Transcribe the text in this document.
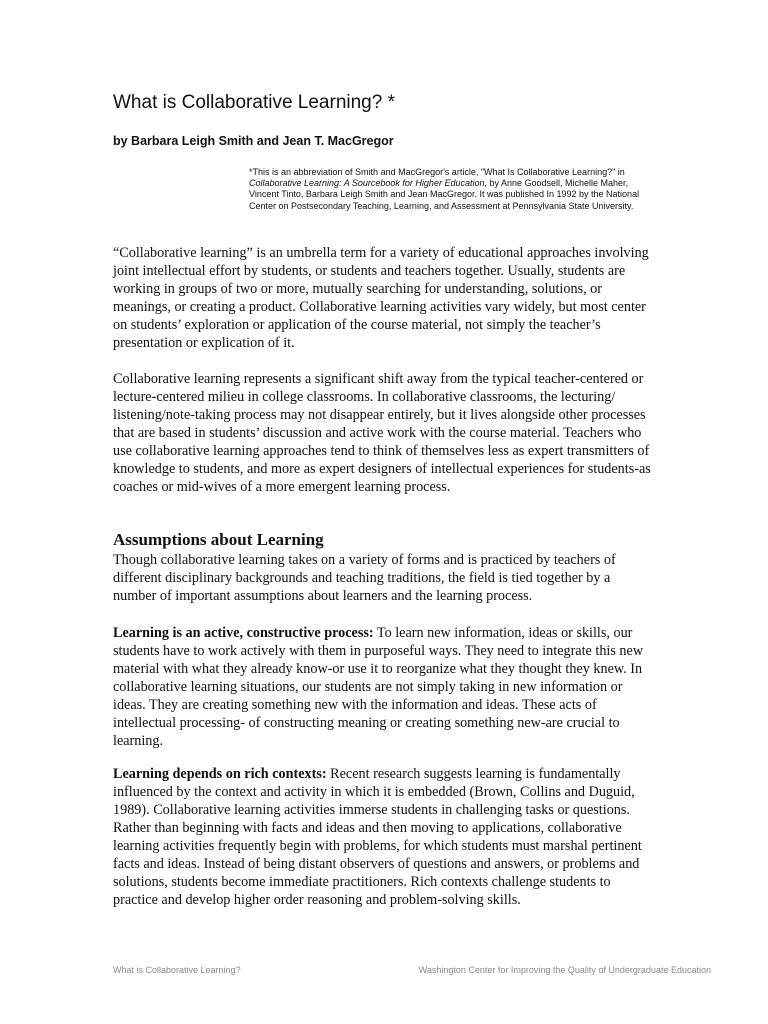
What is Collaborative Learning? *

by Barbara Leigh Smith and Jean T. MacGregor

*This is an abbreviation of Smith and MacGregor's article, "What Is Collaborative Learning?" in Collaborative Learning: A Sourcebook for Higher Education, by Anne Goodsell, Michelle Maher, Vincent Tinto, Barbara Leigh Smith and Jean MacGregor. It was published In 1992 by the National Center on Postsecondary Teaching, Learning, and Assessment at Pennsylvania State University.

“Collaborative learning” is an umbrella term for a variety of educational approaches involving joint intellectual effort by students, or students and teachers together. Usually, students are working in groups of two or more, mutually searching for understanding, solutions, or meanings, or creating a product. Collaborative learning activities vary widely, but most center on students’ exploration or application of the course material, not simply the teacher’s presentation or explication of it.

Collaborative learning represents a significant shift away from the typical teacher-centered or lecture-centered milieu in college classrooms. In collaborative classrooms, the lecturing/ listening/note-taking process may not disappear entirely, but it lives alongside other processes that are based in students’ discussion and active work with the course material. Teachers who use collaborative learning approaches tend to think of themselves less as expert transmitters of knowledge to students, and more as expert designers of intellectual experiences for students-as coaches or mid-wives of a more emergent learning process.

Assumptions about Learning

Though collaborative learning takes on a variety of forms and is practiced by teachers of different disciplinary backgrounds and teaching traditions, the field is tied together by a number of important assumptions about learners and the learning process.

Learning is an active, constructive process: To learn new information, ideas or skills, our students have to work actively with them in purposeful ways. They need to integrate this new material with what they already know-or use it to reorganize what they thought they knew. In collaborative learning situations, our students are not simply taking in new information or ideas. They are creating something new with the information and ideas. These acts of intellectual processing- of constructing meaning or creating something new-are crucial to learning.

Learning depends on rich contexts: Recent research suggests learning is fundamentally influenced by the context and activity in which it is embedded (Brown, Collins and Duguid, 1989). Collaborative learning activities immerse students in challenging tasks or questions. Rather than beginning with facts and ideas and then moving to applications, collaborative learning activities frequently begin with problems, for which students must marshal pertinent facts and ideas. Instead of being distant observers of questions and answers, or problems and solutions, students become immediate practitioners. Rich contexts challenge students to practice and develop higher order reasoning and problem-solving skills.

What is Collaborative Learning?	Washington Center for Improving the Quality of Undergraduate Education
